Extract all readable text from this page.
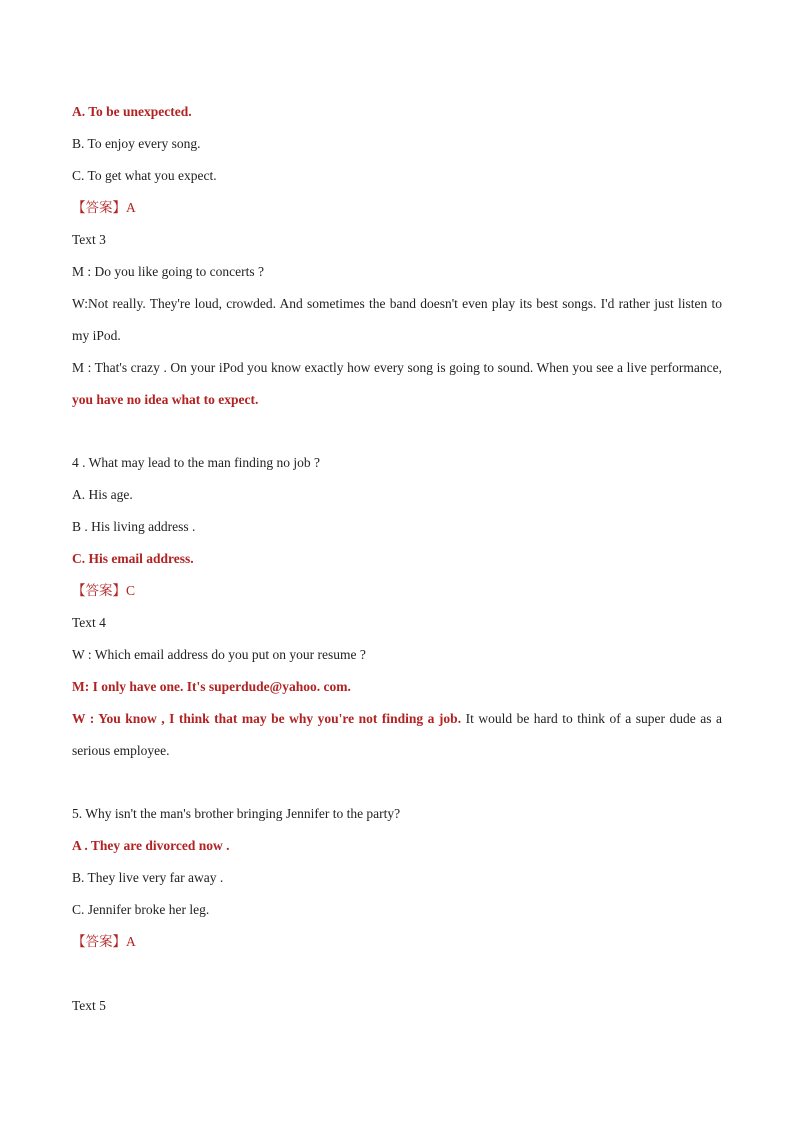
A. To be unexpected.

B. To enjoy every song.

C. To get what you expect.

【答案】A

Text 3

M : Do you like going to concerts ?

W:Not really. They're loud, crowded. And sometimes the band doesn't even play its best songs. I'd rather just listen to my iPod.

M : That's crazy . On your iPod you know exactly how every song is going to sound. When you see a live performance, you have no idea what to expect.

4 . What may lead to the man finding no job ?

A. His age.

B . His living address .

C. His email address.

【答案】C

Text 4

W : Which email address do you put on your resume ?

M: I only have one. It's superdude@yahoo. com.

W : You know , I think that may be why you're not finding a job. It would be hard to think of a super dude as a serious employee.

5. Why isn't the man's brother bringing Jennifer to the party?

A . They are divorced now .

B. They live very far away .

C. Jennifer broke her leg.

【答案】A

Text 5
